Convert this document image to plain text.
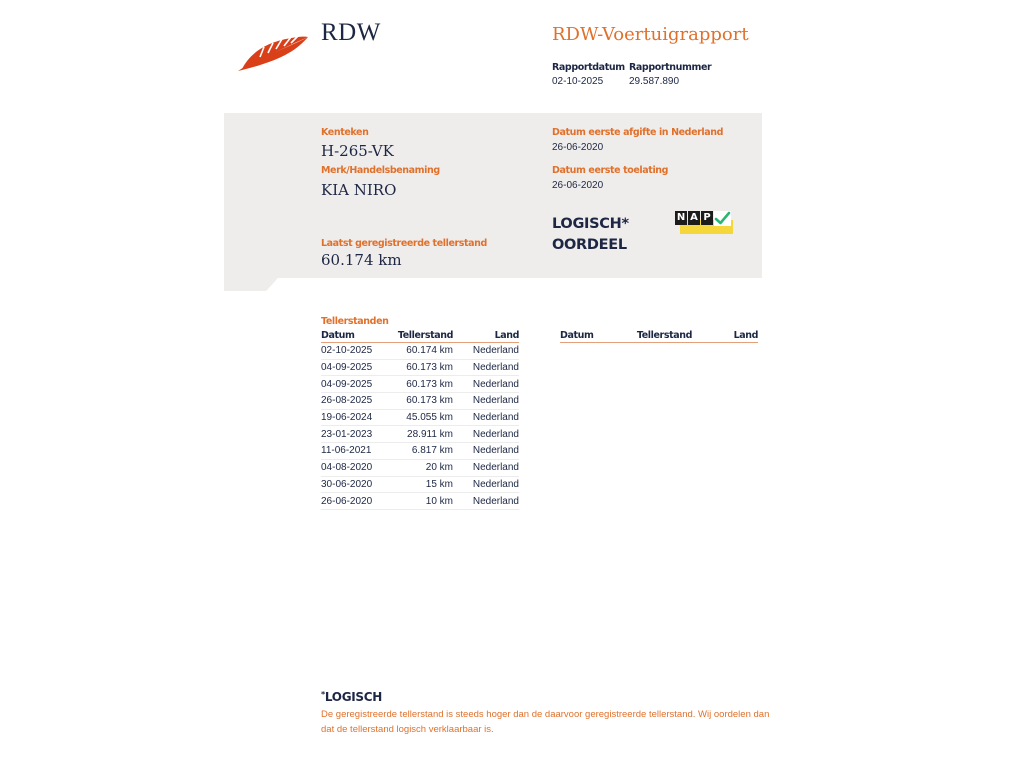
RDW	RDW-Voertuigrapport
Rapportdatum
02-10-2025
Rapportnummer
29.587.890
Kenteken
H-265-VK
Merk/Handelsbenaming
KIA NIRO
Laatst geregistreerde tellerstand
60.174 km
Datum eerste afgifte in Nederland
26-06-2020
Datum eerste toelating
26-06-2020
LOGISCH*
OORDEEL
N A P
Tellerstanden
Datum	Tellerstand	Land
02-10-2025	60.174 km	Nederland
04-09-2025	60.173 km	Nederland
04-09-2025	60.173 km	Nederland
26-08-2025	60.173 km	Nederland
19-06-2024	45.055 km	Nederland
23-01-2023	28.911 km	Nederland
11-06-2021	6.817 km	Nederland
04-08-2020	20 km	Nederland
30-06-2020	15 km	Nederland
26-06-2020	10 km	Nederland
Datum	Tellerstand	Land
*LOGISCH
De geregistreerde tellerstand is steeds hoger dan de daarvoor geregistreerde tellerstand. Wij oordelen dan dat de tellerstand logisch verklaarbaar is.
